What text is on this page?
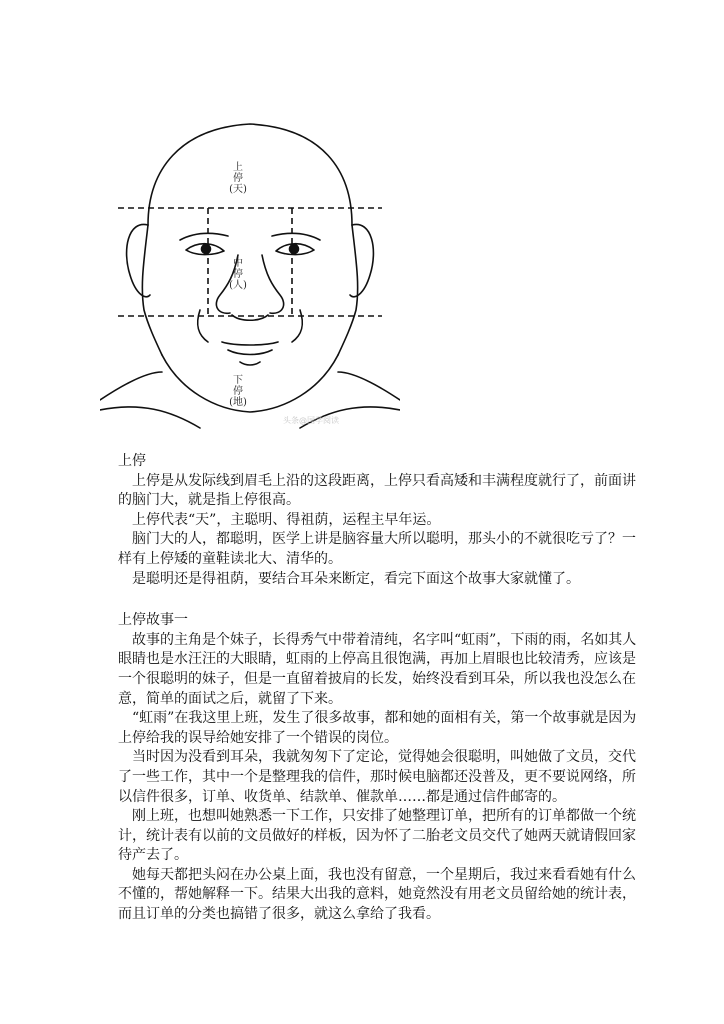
上
停
(天)
中
停
(人)
下
停
(地)
头条@国学阅读

上停

上停是从发际线到眉毛上沿的这段距离，上停只看高矮和丰满程度就行了，前面讲的脑门大，就是指上停很高。

上停代表“天”，主聪明、得祖荫，运程主早年运。

脑门大的人，都聪明，医学上讲是脑容量大所以聪明，那头小的不就很吃亏了？一样有上停矮的童鞋读北大、清华的。

是聪明还是得祖荫，要结合耳朵来断定，看完下面这个故事大家就懂了。

上停故事一

故事的主角是个妹子，长得秀气中带着清纯，名字叫“虹雨”，下雨的雨，名如其人眼睛也是水汪汪的大眼睛，虹雨的上停高且很饱满，再加上眉眼也比较清秀，应该是一个很聪明的妹子，但是一直留着披肩的长发，始终没看到耳朵，所以我也没怎么在意，简单的面试之后，就留了下来。

“虹雨”在我这里上班，发生了很多故事，都和她的面相有关，第一个故事就是因为上停给我的误导给她安排了一个错误的岗位。

当时因为没看到耳朵，我就匆匆下了定论，觉得她会很聪明，叫她做了文员，交代了一些工作，其中一个是整理我的信件，那时候电脑都还没普及，更不要说网络，所以信件很多，订单、收货单、结款单、催款单……都是通过信件邮寄的。

刚上班，也想叫她熟悉一下工作，只安排了她整理订单，把所有的订单都做一个统计，统计表有以前的文员做好的样板，因为怀了二胎老文员交代了她两天就请假回家待产去了。

她每天都把头闷在办公桌上面，我也没有留意，一个星期后，我过来看看她有什么不懂的，帮她解释一下。结果大出我的意料，她竟然没有用老文员留给她的统计表，而且订单的分类也搞错了很多，就这么拿给了我看。
